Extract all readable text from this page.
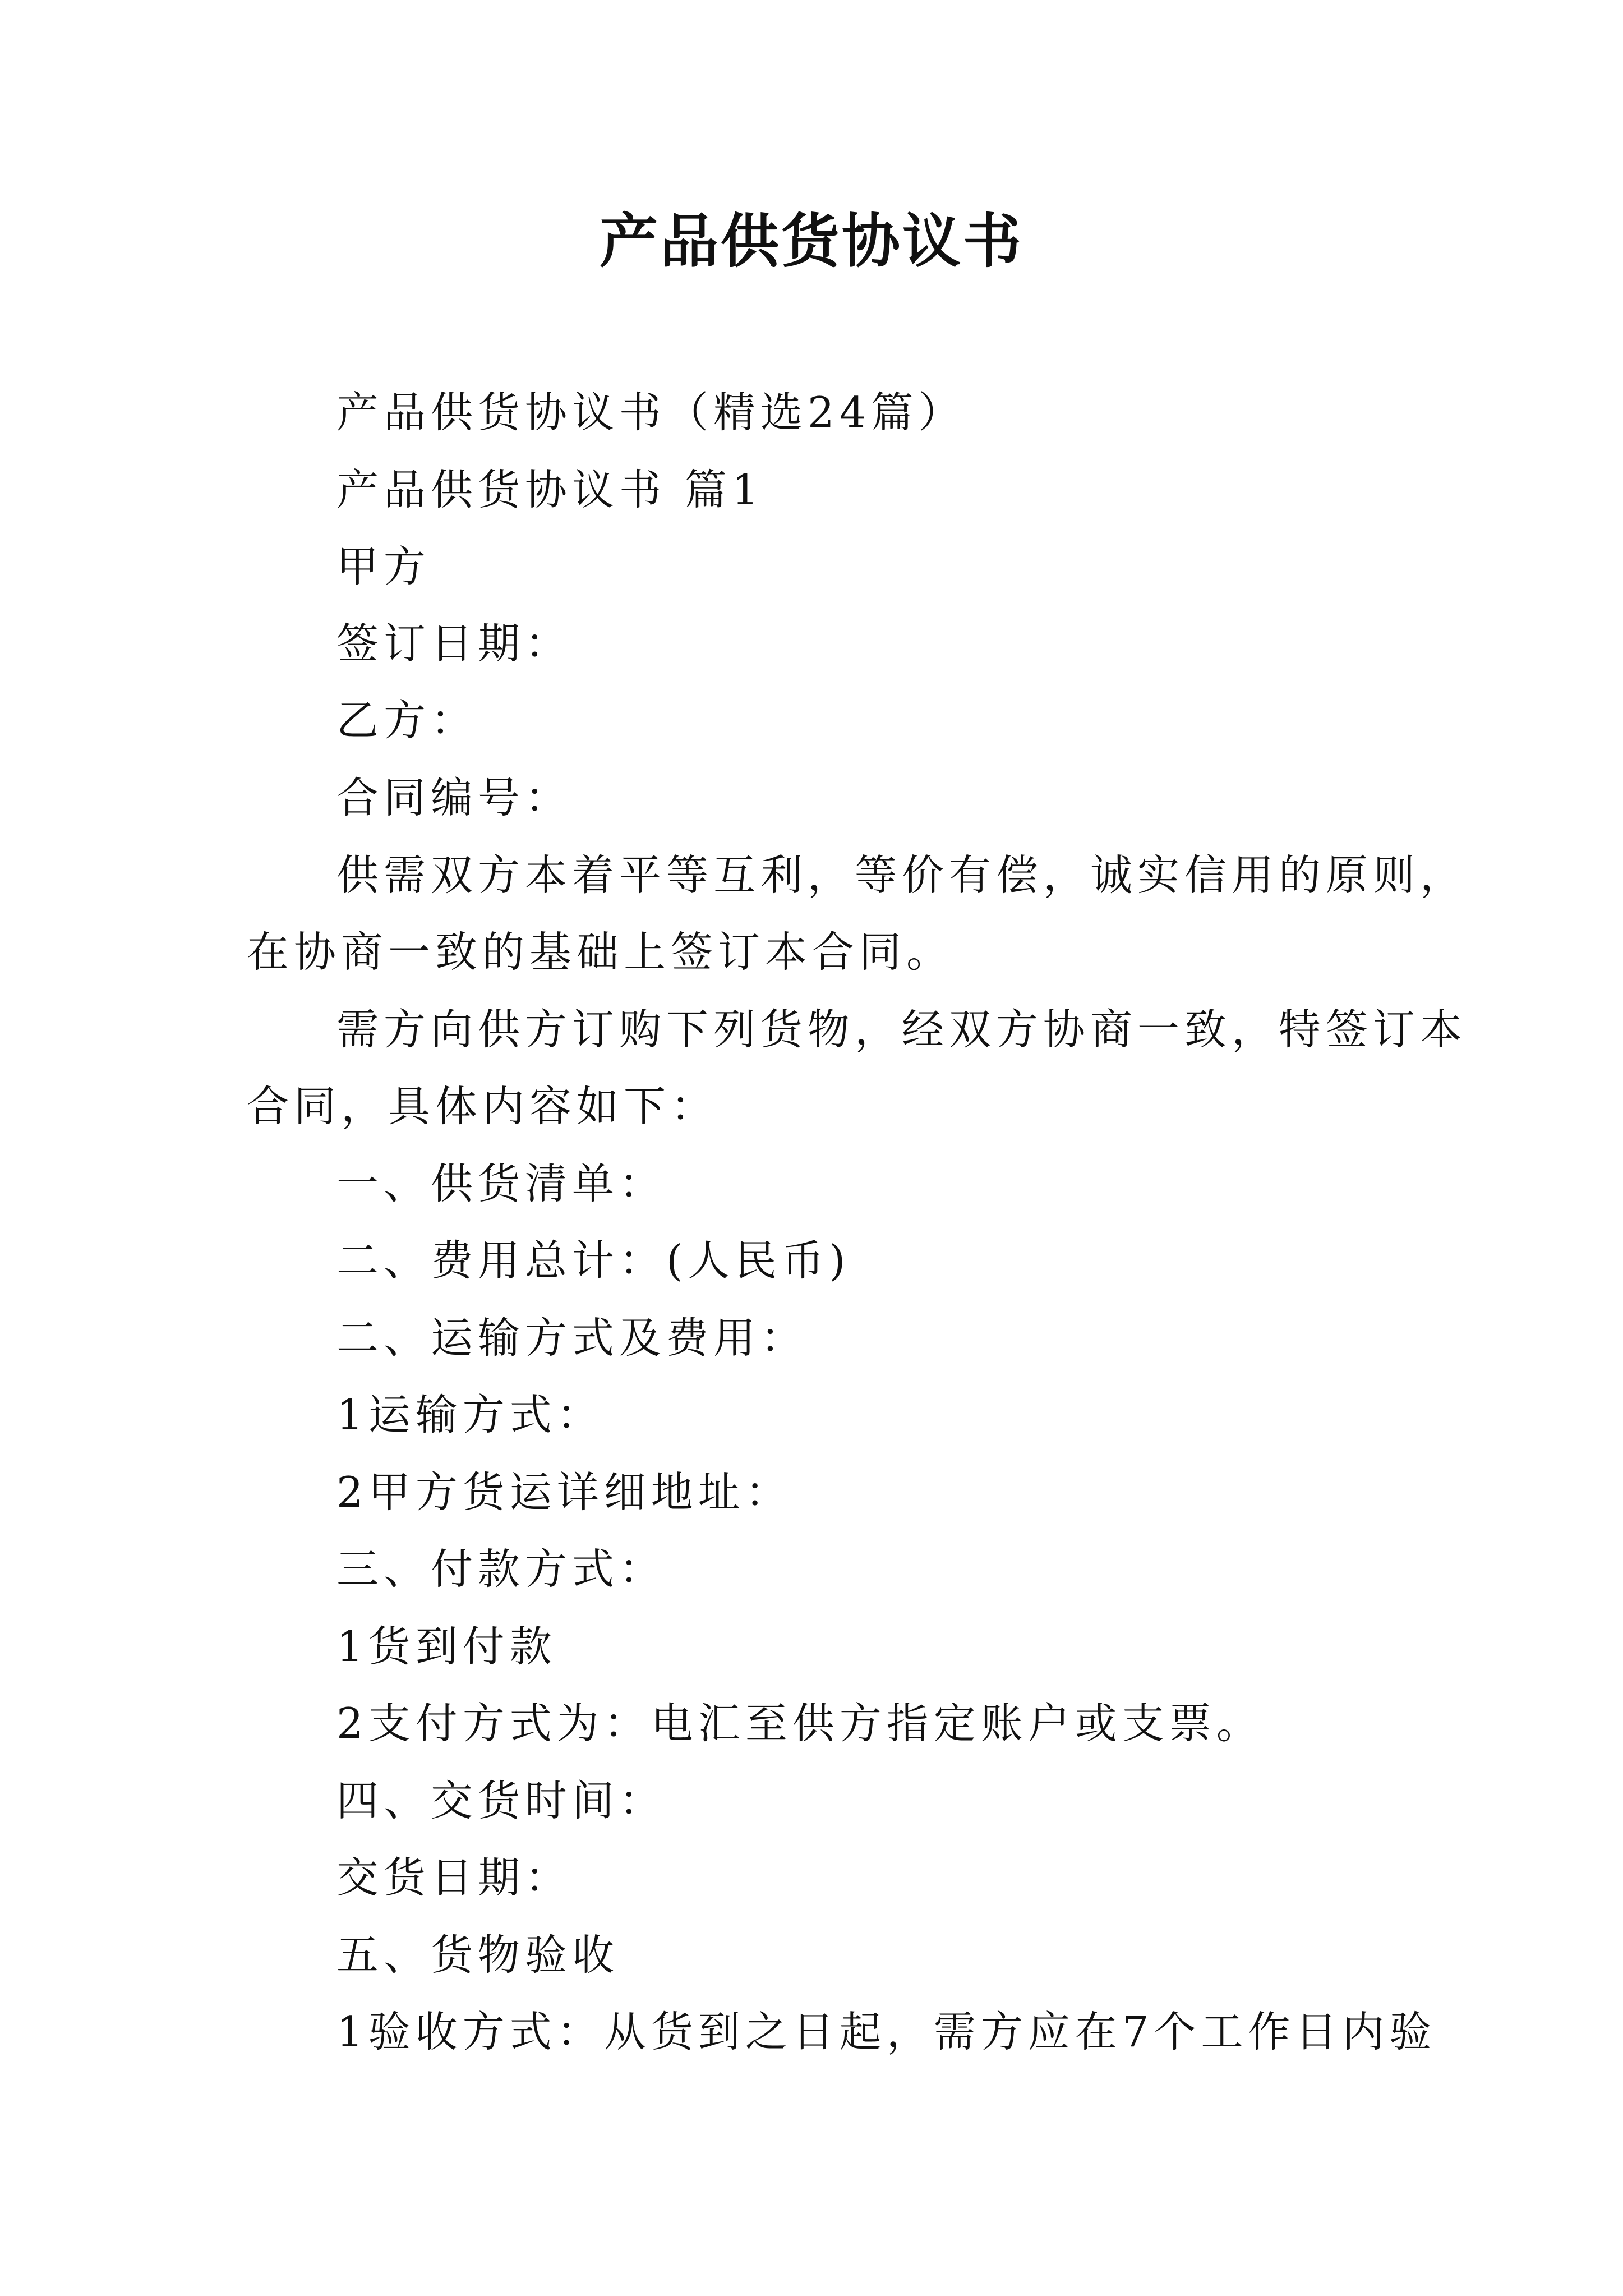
产品供货协议书
产品供货协议书（精选24篇）
产品供货协议书 篇1
甲方
签订日期：
乙方：
合同编号：
供需双方本着平等互利，等价有偿，诚实信用的原则，
在协商一致的基础上签订本合同。
需方向供方订购下列货物，经双方协商一致，特签订本
合同，具体内容如下：
一、供货清单：
二、费用总计：(人民币)
二、运输方式及费用：
1运输方式：
2甲方货运详细地址：
三、付款方式：
1货到付款
2支付方式为：电汇至供方指定账户或支票。
四、交货时间：
交货日期：
五、货物验收
1验收方式：从货到之日起，需方应在7个工作日内验
